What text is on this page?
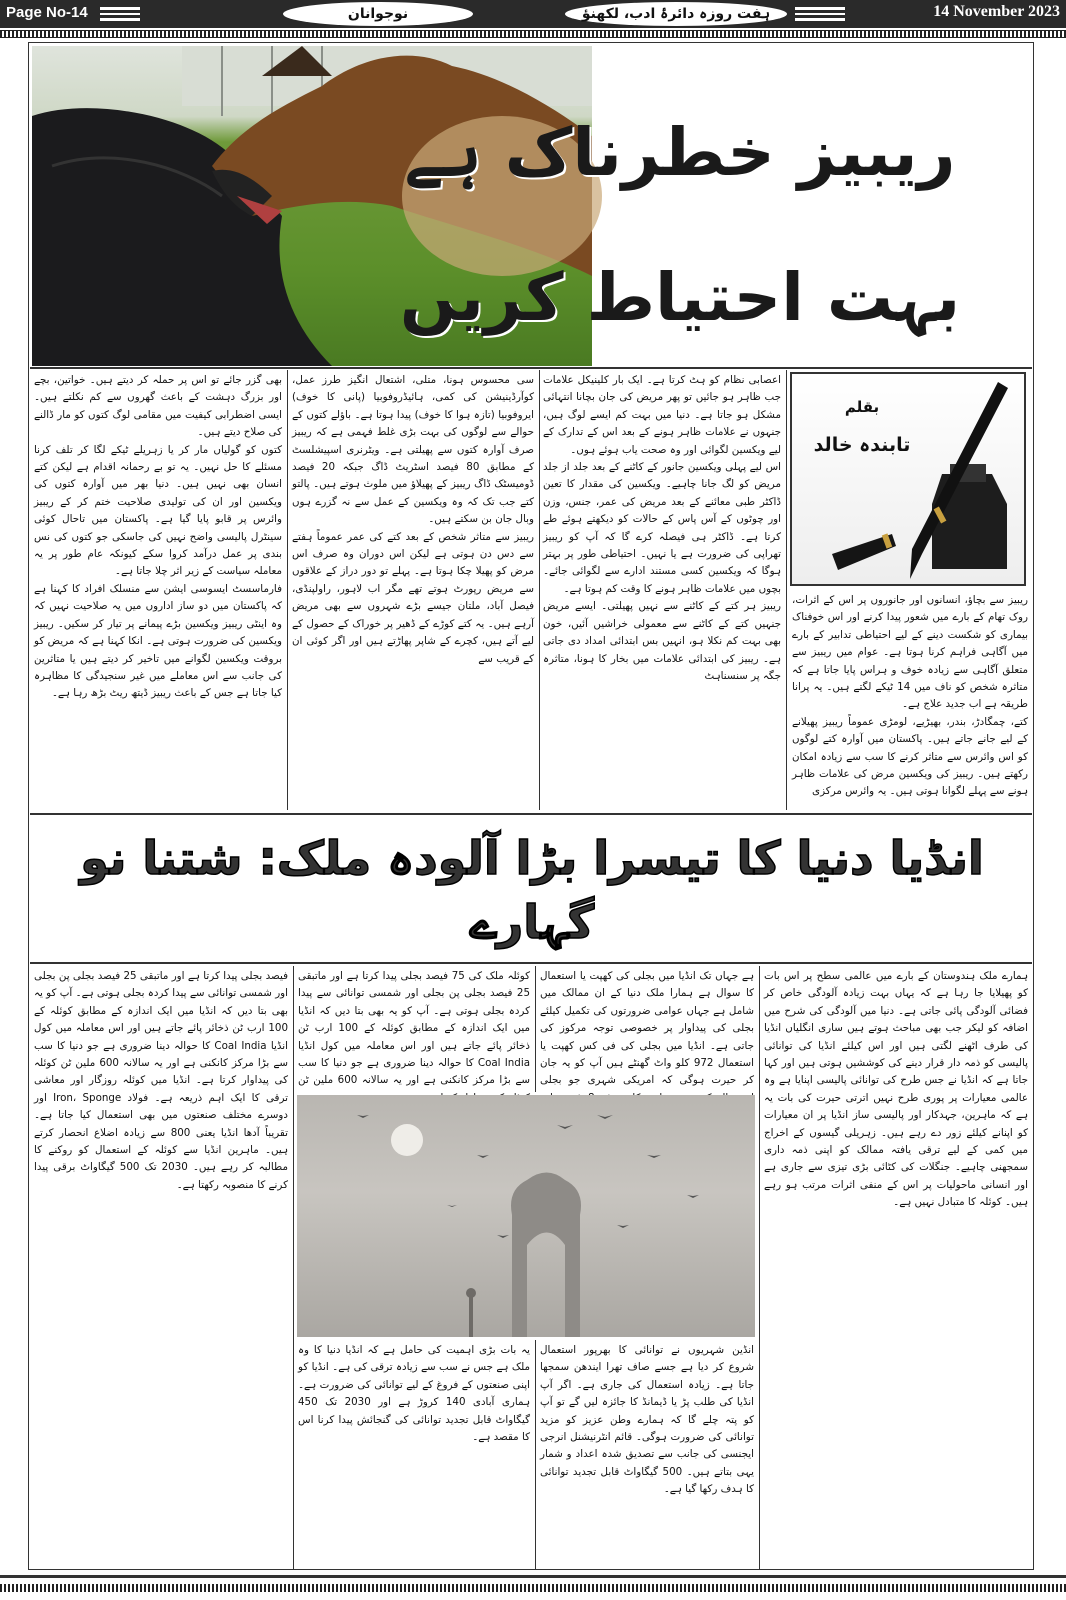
Page No-14	نوجوانان	ہفت روزہ دائرۂ ادب، لکھنؤ	14 November 2023
ریبیز خطرناک ہے
بہت احتیاط کریں
بقلم
تابندہ خالد

ریبیز سے بچاؤ، انسانوں اور جانوروں پر اس کے اثرات، روک تھام کے بارے میں شعور پیدا کرنے اور اس خوفناک بیماری کو شکست دینے کے لیے احتیاطی تدابیر کے بارے میں آگاہی فراہم کرنا ہوتا ہے۔ عوام میں ریبیز سے متعلق آگاہی سے زیادہ خوف و ہراس پایا جاتا ہے کہ متاثرہ شخص کو ناف میں 14 ٹیکے لگتے ہیں۔ یہ پرانا طریقہ ہے اب جدید علاج ہے۔

کتے، چمگادڑ، بندر، بھیڑیے، لومڑی عموماً ریبیز پھیلانے کے لیے جانے جاتے ہیں۔ پاکستان میں آوارہ کتے لوگوں کو اس وائرس سے متاثر کرنے کا سب سے زیادہ امکان رکھتے ہیں۔ ریبیز کی ویکسین مرض کی علامات ظاہر ہونے سے پہلے لگوانا ہوتی ہیں۔ یہ وائرس مرکزی

اعصابی نظام کو ہٹ کرتا ہے۔ ایک بار کلینیکل علامات جب ظاہر ہو جائیں تو پھر مریض کی جان بچانا انتہائی مشکل ہو جاتا ہے۔ دنیا میں بہت کم ایسے لوگ ہیں، جنہوں نے علامات ظاہر ہونے کے بعد اس کے تدارک کے لیے ویکسین لگوائی اور وہ صحت یاب ہوئے ہوں۔

اس لیے پہلی ویکسین جانور کے کاٹنے کے بعد جلد از جلد مریض کو لگ جانا چاہیے۔ ویکسین کی مقدار کا تعین ڈاکٹر طبی معائنے کے بعد مریض کی عمر، جنس، وزن اور چوٹوں کے آس پاس کے حالات کو دیکھتے ہوئے طے کرتا ہے۔ ڈاکٹر ہی فیصلہ کرے گا کہ آپ کو ریبیز تھراپی کی ضرورت ہے یا نہیں۔ احتیاطی طور پر بہتر ہوگا کہ ویکسین کسی مستند ادارے سے لگوائی جائے۔ بچوں میں علامات ظاہر ہونے کا وقت کم ہوتا ہے۔

ریبیز ہر کتے کے کاٹنے سے نہیں پھیلتی۔ ایسے مریض جنہیں کتے کے کاٹنے سے معمولی خراشیں آئیں، خون بھی بہت کم نکلا ہو، انہیں بس ابتدائی امداد دی جاتی ہے۔ ریبیز کی ابتدائی علامات میں بخار کا ہونا، متاثرہ جگہ پر سنسناہٹ

سی محسوس ہونا، متلی، اشتعال انگیز طرز عمل، کوآرڈینیشن کی کمی، ہائیڈروفوبیا (پانی کا خوف) ایروفوبیا (تازہ ہوا کا خوف) پیدا ہوتا ہے۔ باؤلے کتوں کے حوالے سے لوگوں کی بہت بڑی غلط فہمی ہے کہ ریبیز صرف آوارہ کتوں سے پھیلتی ہے۔ ویٹرنری اسپیشلسٹ کے مطابق 80 فیصد اسٹریٹ ڈاگ جبکہ 20 فیصد ڈومیسٹک ڈاگ ریبیز کے پھیلاؤ میں ملوث ہوتے ہیں۔ پالتو کتے جب تک کہ وہ ویکسین کے عمل سے نہ گزرے ہوں وبال جان بن سکتے ہیں۔

ریبیز سے متاثر شخص کے بعد کتے کی عمر عموماً ہفتے سے دس دن ہوتی ہے لیکن اس دوران وہ صرف اس مرض کو پھیلا چکا ہوتا ہے۔ پہلے تو دور دراز کے علاقوں سے مریض رپورٹ ہوتے تھے مگر اب لاہور، راولپنڈی، فیصل آباد، ملتان جیسے بڑے شہروں سے بھی مریض آرہے ہیں۔ یہ کتے کوڑے کے ڈھیر پر خوراک کے حصول کے لیے آتے ہیں، کچرے کے شاپر پھاڑتے ہیں اور اگر کوئی ان کے قریب سے

بھی گزر جائے تو اس پر حملہ کر دیتے ہیں۔ خواتین، بچے اور بزرگ دہشت کے باعث گھروں سے کم نکلتے ہیں۔ ایسی اضطرابی کیفیت میں مقامی لوگ کتوں کو مار ڈالنے کی صلاح دیتے ہیں۔

کتوں کو گولیاں مار کر یا زہریلے ٹیکے لگا کر تلف کرنا مسئلے کا حل نہیں۔ یہ تو بے رحمانہ اقدام ہے لیکن کتے انسان بھی نہیں ہیں۔ دنیا بھر میں آوارہ کتوں کی ویکسین اور ان کی تولیدی صلاحیت ختم کر کے ریبیز وائرس پر قابو پایا گیا ہے۔ پاکستان میں تاحال کوئی سینٹرل پالیسی واضح نہیں کی جاسکی جو کتوں کی نس بندی پر عمل درآمد کروا سکے کیونکہ عام طور پر یہ معاملہ سیاست کے زیر اثر چلا جاتا ہے۔

فارماسسٹ ایسوسی ایشن سے منسلک افراد کا کہنا ہے کہ پاکستان میں دو ساز اداروں میں یہ صلاحیت نہیں کہ وہ اینٹی ریبیز ویکسین بڑے پیمانے پر تیار کر سکیں۔ ریبیز ویکسین کی ضرورت ہوتی ہے۔ انکا کہنا ہے کہ مریض کو بروقت ویکسین لگوانے میں تاخیر کر دیتے ہیں یا متاثرین کی جانب سے اس معاملے میں غیر سنجیدگی کا مظاہرہ کیا جاتا ہے جس کے باعث ریبیز ڈیتھ ریٹ بڑھ رہا ہے۔

انڈیا دنیا کا تیسرا بڑا آلودہ ملک: شتنا نو گہارے

ہمارے ملک ہندوستان کے بارے میں عالمی سطح پر اس بات کو پھیلایا جا رہا ہے کہ یہاں بہت زیادہ آلودگی خاص کر فضائی آلودگی پائی جاتی ہے۔ دنیا میں آلودگی کی شرح میں اضافہ کو لیکر جب بھی مباحث ہوتے ہیں ساری انگلیاں انڈیا کی طرف اٹھنے لگتی ہیں اور اس کیلئے انڈیا کی توانائی پالیسی کو ذمہ دار قرار دینے کی کوششیں ہوتی ہیں اور کہا جاتا ہے کہ انڈیا نے جس طرح کی توانائی پالیسی اپنایا ہے وہ عالمی معیارات پر پوری طرح نہیں اترتی حیرت کی بات یہ ہے کہ ماہرین، جہدکار اور پالیسی ساز انڈیا پر ان معیارات کو اپنانے کیلئے زور دے رہے ہیں۔ زہریلی گیسوں کے اخراج میں کمی کے لیے ترقی یافتہ ممالک کو اپنی ذمہ داری سمجھنی چاہیے۔ جنگلات کی کٹائی بڑی تیزی سے جاری ہے اور انسانی ماحولیات پر اس کے منفی اثرات مرتب ہو رہے ہیں۔ کوئلہ کا متبادل نہیں ہے۔

ہے جہاں تک انڈیا میں بجلی کی کھپت یا استعمال کا سوال ہے ہمارا ملک دنیا کے ان ممالک میں شامل ہے جہاں عوامی ضرورتوں کی تکمیل کیلئے بجلی کی پیداوار پر خصوصی توجہ مرکوز کی جاتی ہے۔ انڈیا میں بجلی کی فی کس کھپت یا استعمال 972 کلو واٹ گھنٹے ہیں آپ کو یہ جان کر حیرت ہوگی کہ امریکی شہری جو بجلی

انڈین شہریوں نے توانائی کا بھرپور استعمال شروع کر دیا ہے جسے صاف تھرا ایندھن سمجھا جاتا ہے۔ زیادہ استعمال کی جاری ہے۔ اگر آپ انڈیا کی طلب پڑ یا ڈیمانڈ کا جائزہ لیں گے تو آپ کو پتہ چلے گا کہ ہمارے وطن عزیز کو مزید توانائی کی ضرورت ہوگی۔ قائم انٹرنیشنل انرجی ایجنسی کی جانب سے تصدیق شدہ اعداد و شمار یہی بتاتے ہیں۔ 500 گیگاواٹ قابل تجدید توانائی کا ہدف رکھا گیا ہے۔

کوئلہ ملک کی 75 فیصد بجلی پیدا کرتا ہے اور ماتبقی 25 فیصد بجلی پن بجلی اور شمسی توانائی سے پیدا کردہ بجلی ہوتی ہے۔ آپ کو یہ بھی بتا دیں کہ انڈیا میں ایک اندازہ کے مطابق کوئلہ کے 100 ارب ٹن ذخائر پائے جاتے ہیں اور اس معاملہ میں کول انڈیا Coal India کا حوالہ دینا ضروری ہے جو دنیا کا سب سے بڑا مرکز کانکنی ہے اور یہ سالانہ 600 ملین ٹن

یہ بات بڑی اہمیت کی حامل ہے کہ انڈیا دنیا کا وہ ملک ہے جس نے سب سے زیادہ ترقی کی ہے۔ انڈیا کو اپنی صنعتوں کے فروغ کے لیے توانائی کی ضرورت ہے۔ ہماری آبادی 140 کروڑ ہے اور 2030 تک 450 گیگاواٹ قابل تجدید توانائی کی گنجائش پیدا کرنا اس کا مقصد ہے۔

فیصد بجلی پیدا کرتا ہے اور ماتبقی 25 فیصد بجلی پن بجلی اور شمسی توانائی سے پیدا کردہ بجلی ہوتی ہے۔ آپ کو یہ بھی بتا دیں کہ انڈیا میں ایک اندازہ کے مطابق کوئلہ کے 100 ارب ٹن ذخائر پائے جاتے ہیں اور اس معاملہ میں کول انڈیا Coal India کا حوالہ دینا ضروری ہے جو دنیا کا سب سے بڑا مرکز کانکنی ہے اور یہ سالانہ 600 ملین ٹن کوئلہ کی پیداوار کرتا ہے۔ انڈیا میں کوئلہ روزگار اور معاشی ترقی کا ایک اہم ذریعہ ہے۔ فولاد Iron، Sponge اور دوسرے مختلف صنعتوں میں بھی استعمال کیا جاتا ہے۔ تقریباً آدھا انڈیا یعنی 800 سے زیادہ اضلاع انحصار کرتے ہیں۔ ماہرین انڈیا سے کوئلہ کے استعمال کو روکنے کا مطالبہ کر رہے ہیں۔ 2030 تک 500 گیگاواٹ برقی پیدا کرنے کا منصوبہ رکھتا ہے۔
